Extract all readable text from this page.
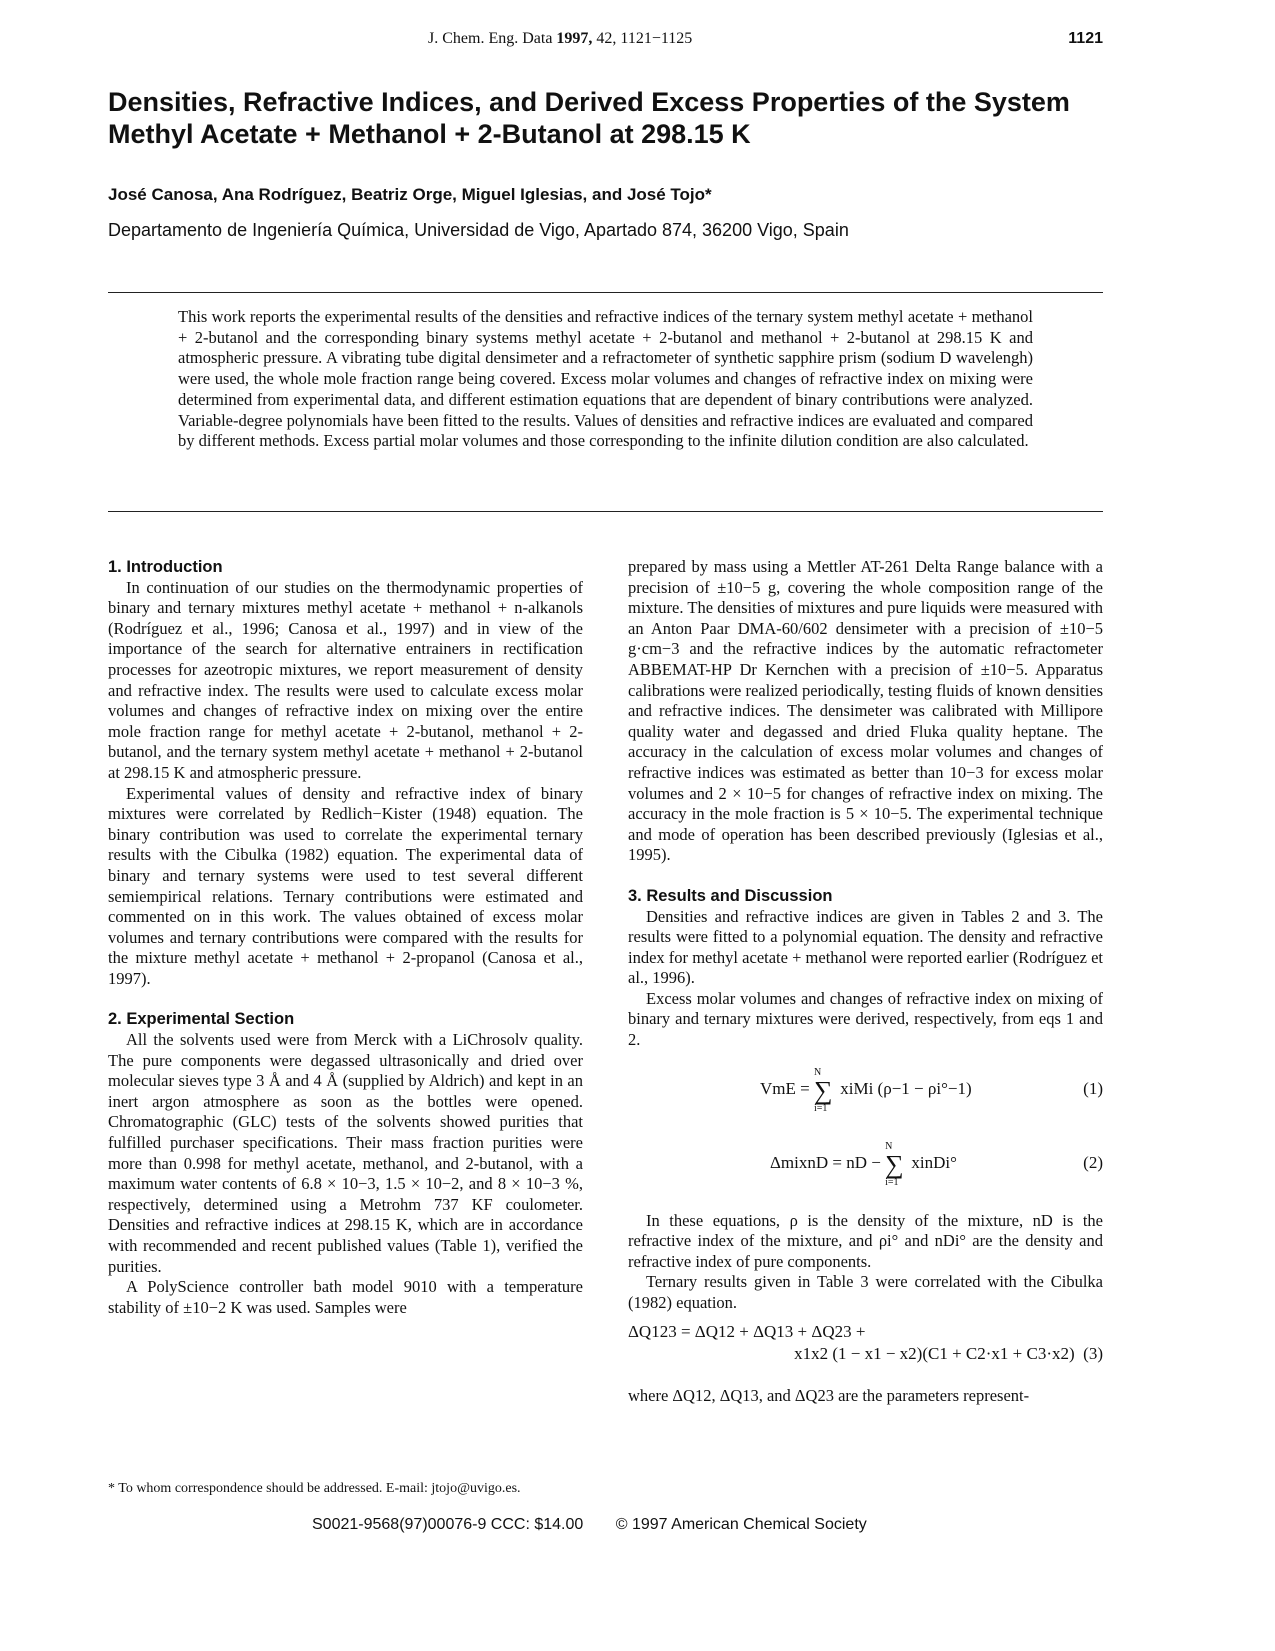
J. Chem. Eng. Data 1997, 42, 1121−1125	1121
Densities, Refractive Indices, and Derived Excess Properties of the System Methyl Acetate + Methanol + 2-Butanol at 298.15 K
José Canosa, Ana Rodríguez, Beatriz Orge, Miguel Iglesias, and José Tojo*
Departamento de Ingeniería Química, Universidad de Vigo, Apartado 874, 36200 Vigo, Spain

This work reports the experimental results of the densities and refractive indices of the ternary system methyl acetate + methanol + 2-butanol and the corresponding binary systems methyl acetate + 2-butanol and methanol + 2-butanol at 298.15 K and atmospheric pressure. A vibrating tube digital densimeter and a refractometer of synthetic sapphire prism (sodium D wavelengh) were used, the whole mole fraction range being covered. Excess molar volumes and changes of refractive index on mixing were determined from experimental data, and different estimation equations that are dependent of binary contributions were analyzed. Variable-degree polynomials have been fitted to the results. Values of densities and refractive indices are evaluated and compared by different methods. Excess partial molar volumes and those corresponding to the infinite dilution condition are also calculated.

1. Introduction

In continuation of our studies on the thermodynamic properties of binary and ternary mixtures methyl acetate + methanol + n-alkanols (Rodríguez et al., 1996; Canosa et al., 1997) and in view of the importance of the search for alternative entrainers in rectification processes for azeotropic mixtures, we report measurement of density and refractive index. The results were used to calculate excess molar volumes and changes of refractive index on mixing over the entire mole fraction range for methyl acetate + 2-butanol, methanol + 2-butanol, and the ternary system methyl acetate + methanol + 2-butanol at 298.15 K and atmospheric pressure.

Experimental values of density and refractive index of binary mixtures were correlated by Redlich−Kister (1948) equation. The binary contribution was used to correlate the experimental ternary results with the Cibulka (1982) equation. The experimental data of binary and ternary systems were used to test several different semiempirical relations. Ternary contributions were estimated and commented on in this work. The values obtained of excess molar volumes and ternary contributions were compared with the results for the mixture methyl acetate + methanol + 2-propanol (Canosa et al., 1997).

2. Experimental Section

All the solvents used were from Merck with a LiChrosolv quality. The pure components were degassed ultrasonically and dried over molecular sieves type 3 Å and 4 Å (supplied by Aldrich) and kept in an inert argon atmosphere as soon as the bottles were opened. Chromatographic (GLC) tests of the solvents showed purities that fulfilled purchaser specifications. Their mass fraction purities were more than 0.998 for methyl acetate, methanol, and 2-butanol, with a maximum water contents of 6.8 × 10−3, 1.5 × 10−2, and 8 × 10−3 %, respectively, determined using a Metrohm 737 KF coulometer. Densities and refractive indices at 298.15 K, which are in accordance with recommended and recent published values (Table 1), verified the purities.

A PolyScience controller bath model 9010 with a temperature stability of ±10−2 K was used. Samples were

prepared by mass using a Mettler AT-261 Delta Range balance with a precision of ±10−5 g, covering the whole composition range of the mixture. The densities of mixtures and pure liquids were measured with an Anton Paar DMA-60/602 densimeter with a precision of ±10−5 g·cm−3 and the refractive indices by the automatic refractometer ABBEMAT-HP Dr Kernchen with a precision of ±10−5. Apparatus calibrations were realized periodically, testing fluids of known densities and refractive indices. The densimeter was calibrated with Millipore quality water and degassed and dried Fluka quality heptane. The accuracy in the calculation of excess molar volumes and changes of refractive indices was estimated as better than 10−3 for excess molar volumes and 2 × 10−5 for changes of refractive index on mixing. The accuracy in the mole fraction is 5 × 10−5. The experimental technique and mode of operation has been described previously (Iglesias et al., 1995).

3. Results and Discussion

Densities and refractive indices are given in Tables 2 and 3. The results were fitted to a polynomial equation. The density and refractive index for methyl acetate + methanol were reported earlier (Rodríguez et al., 1996).

Excess molar volumes and changes of refractive index on mixing of binary and ternary mixtures were derived, respectively, from eqs 1 and 2.

VmE =
N
∑
i=1
xiMi (ρ−1 − ρi°−1)	(1)
ΔmixnD = nD −
N
∑
i=1
xinDi°	(2)

In these equations, ρ is the density of the mixture, nD is the refractive index of the mixture, and ρi° and nDi° are the density and refractive index of pure components.

Ternary results given in Table 3 were correlated with the Cibulka (1982) equation.

ΔQ123 = ΔQ12 + ΔQ13 + ΔQ23 +
x1x2 (1 − x1 − x2)(C1 + C2·x1 + C3·x2) (3)

where ΔQ12, ΔQ13, and ΔQ23 are the parameters represent-

* To whom correspondence should be addressed. E-mail: jtojo@uvigo.es.
S0021-9568(97)00076-9 CCC: $14.00 © 1997 American Chemical Society
